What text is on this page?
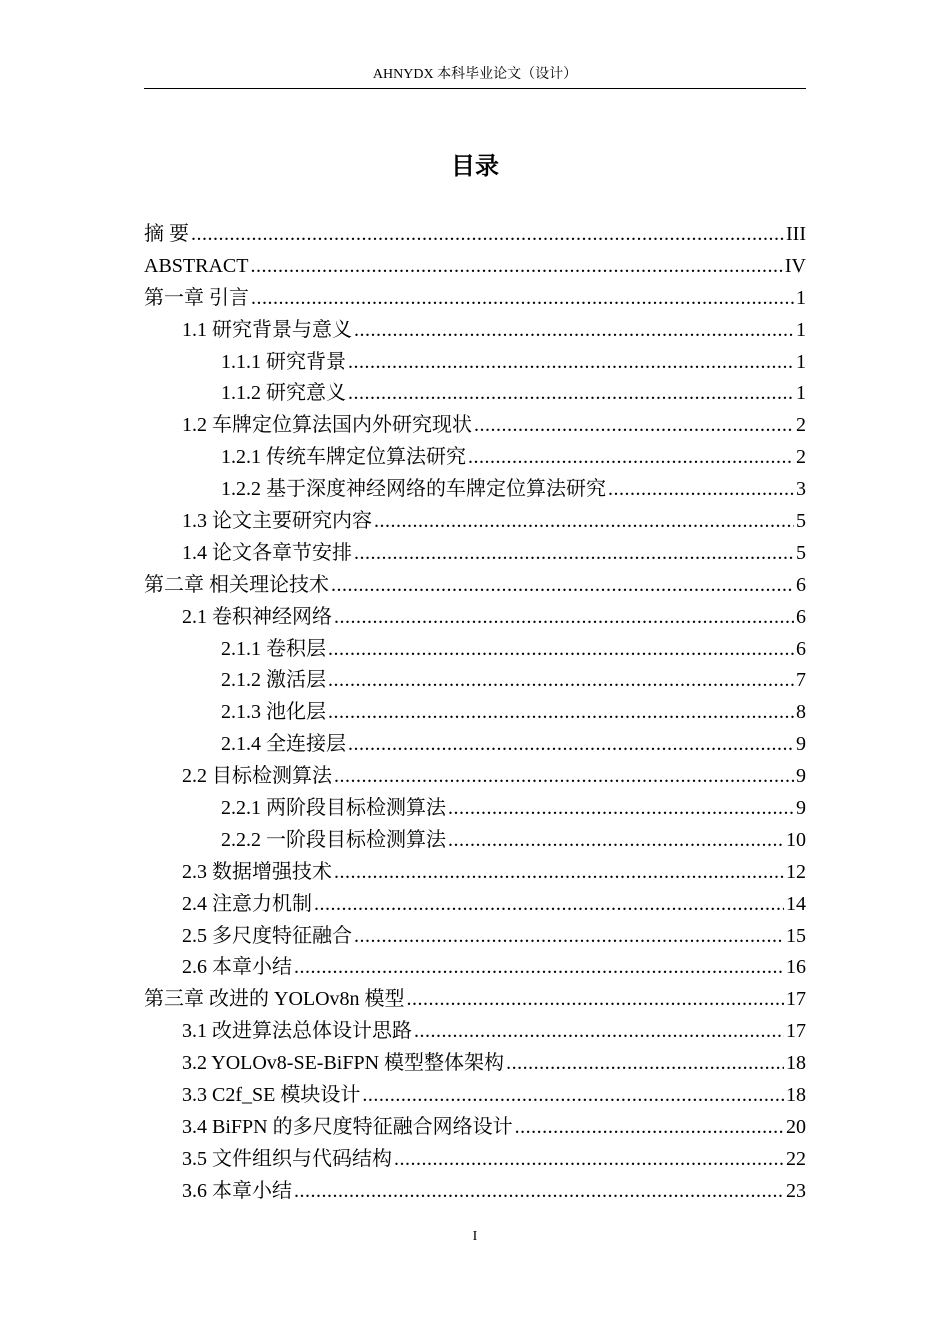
AHNYDX 本科毕业论文（设计）
目录
摘 要 .....	III
ABSTRACT .....	IV
第一章 引言 .....	1
1.1 研究背景与意义 .....	1
1.1.1 研究背景 .....	1
1.1.2 研究意义 .....	1
1.2 车牌定位算法国内外研究现状 .....	2
1.2.1 传统车牌定位算法研究 .....	2
1.2.2 基于深度神经网络的车牌定位算法研究 .....	3
1.3 论文主要研究内容 .....	5
1.4 论文各章节安排 .....	5
第二章 相关理论技术 .....	6
2.1 卷积神经网络 .....	6
2.1.1 卷积层 .....	6
2.1.2 激活层 .....	7
2.1.3 池化层 .....	8
2.1.4 全连接层 .....	9
2.2 目标检测算法 .....	9
2.2.1 两阶段目标检测算法 .....	9
2.2.2 一阶段目标检测算法 .....	10
2.3 数据增强技术 .....	12
2.4 注意力机制 .....	14
2.5 多尺度特征融合 .....	15
2.6 本章小结 .....	16
第三章 改进的 YOLOv8n 模型 .....	17
3.1 改进算法总体设计思路 .....	17
3.2 YOLOv8-SE-BiFPN 模型整体架构 .....	18
3.3 C2f_SE 模块设计 .....	18
3.4 BiFPN 的多尺度特征融合网络设计 .....	20
3.5 文件组织与代码结构 .....	22
3.6 本章小结 .....	23
I
